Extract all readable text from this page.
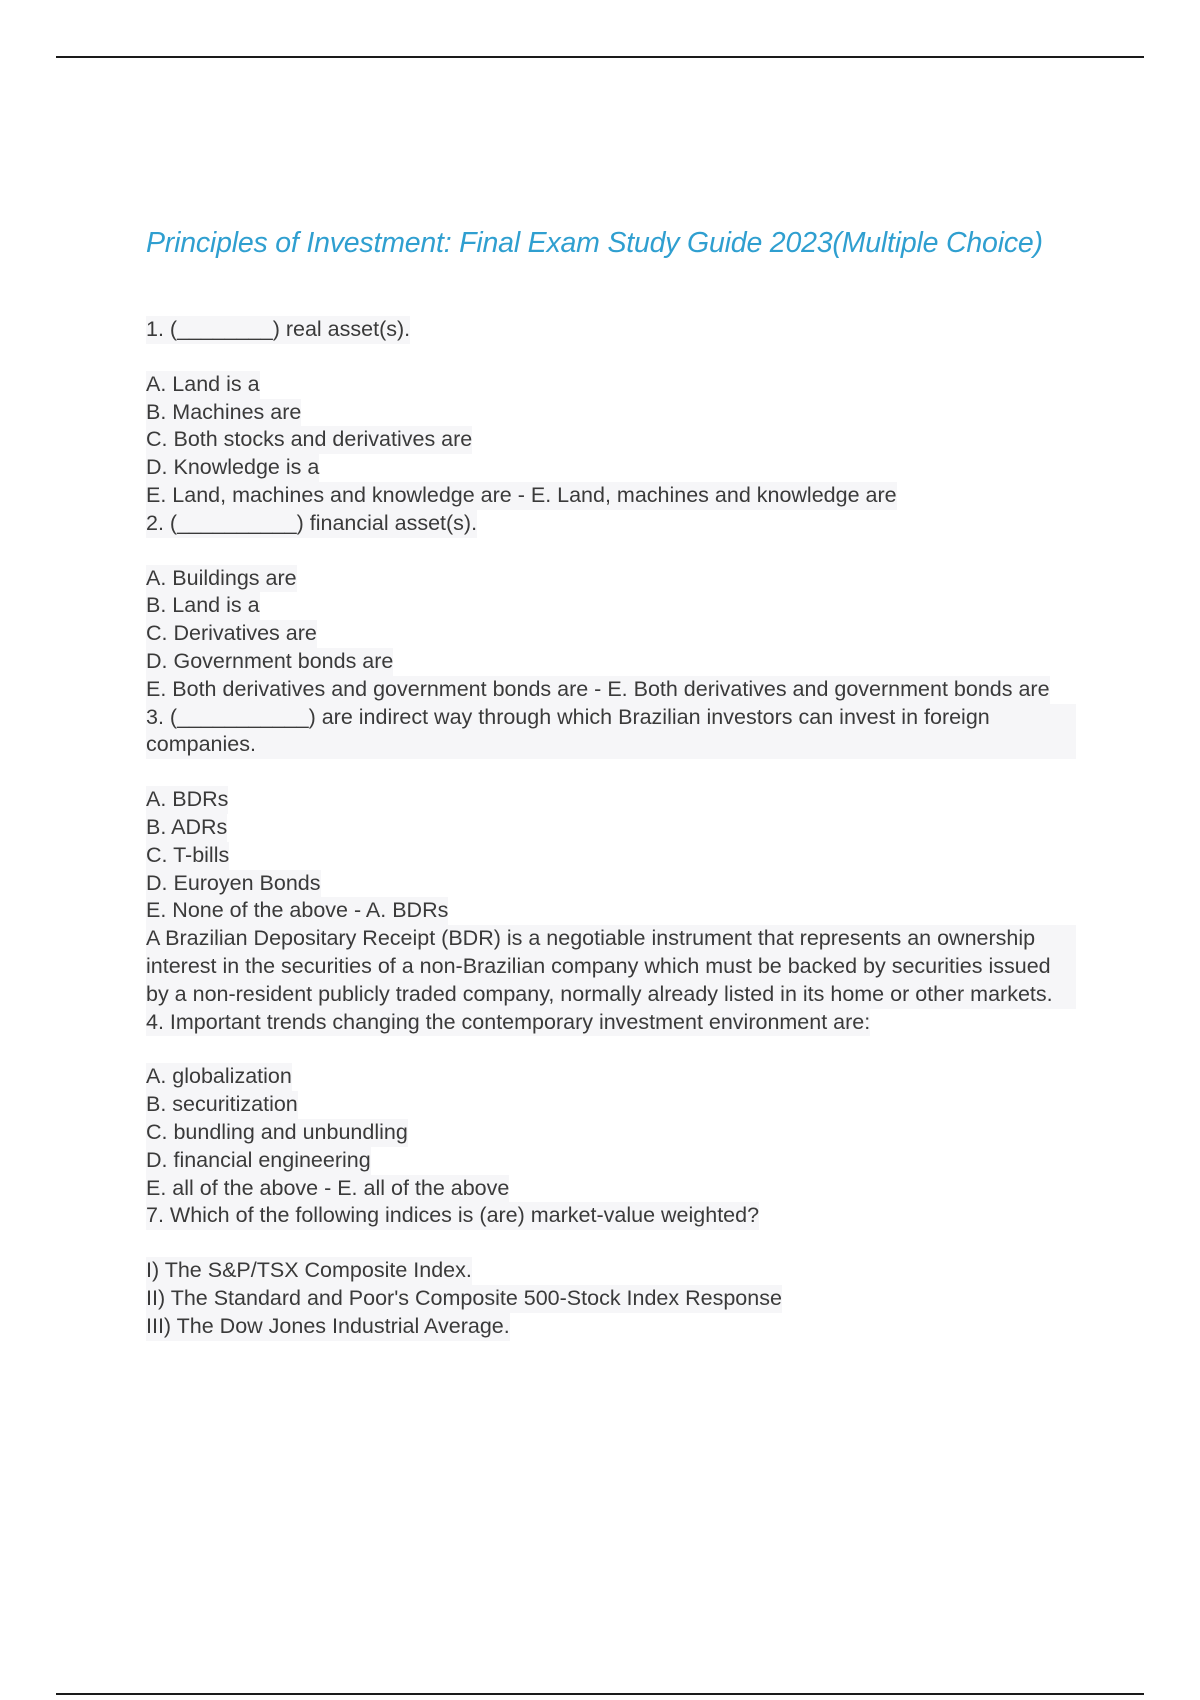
Principles of Investment: Final Exam Study Guide 2023(Multiple Choice)
1. (________) real asset(s).
A. Land is a
B. Machines are
C. Both stocks and derivatives are
D. Knowledge is a
E. Land, machines and knowledge are - E. Land, machines and knowledge are
2. (__________) financial asset(s).
A. Buildings are
B. Land is a
C. Derivatives are
D. Government bonds are
E. Both derivatives and government bonds are - E. Both derivatives and government bonds are
3. (___________) are indirect way through which Brazilian investors can invest in foreign companies.
A. BDRs
B. ADRs
C. T-bills
D. Euroyen Bonds
E. None of the above - A. BDRs
A Brazilian Depositary Receipt (BDR) is a negotiable instrument that represents an ownership interest in the securities of a non-Brazilian company which must be backed by securities issued by a non-resident publicly traded company, normally already listed in its home or other markets.
4. Important trends changing the contemporary investment environment are:
A. globalization
B. securitization
C. bundling and unbundling
D. financial engineering
E. all of the above - E. all of the above
7. Which of the following indices is (are) market-value weighted?
I) The S&P/TSX Composite Index.
II) The Standard and Poor's Composite 500-Stock Index Response
III) The Dow Jones Industrial Average.
